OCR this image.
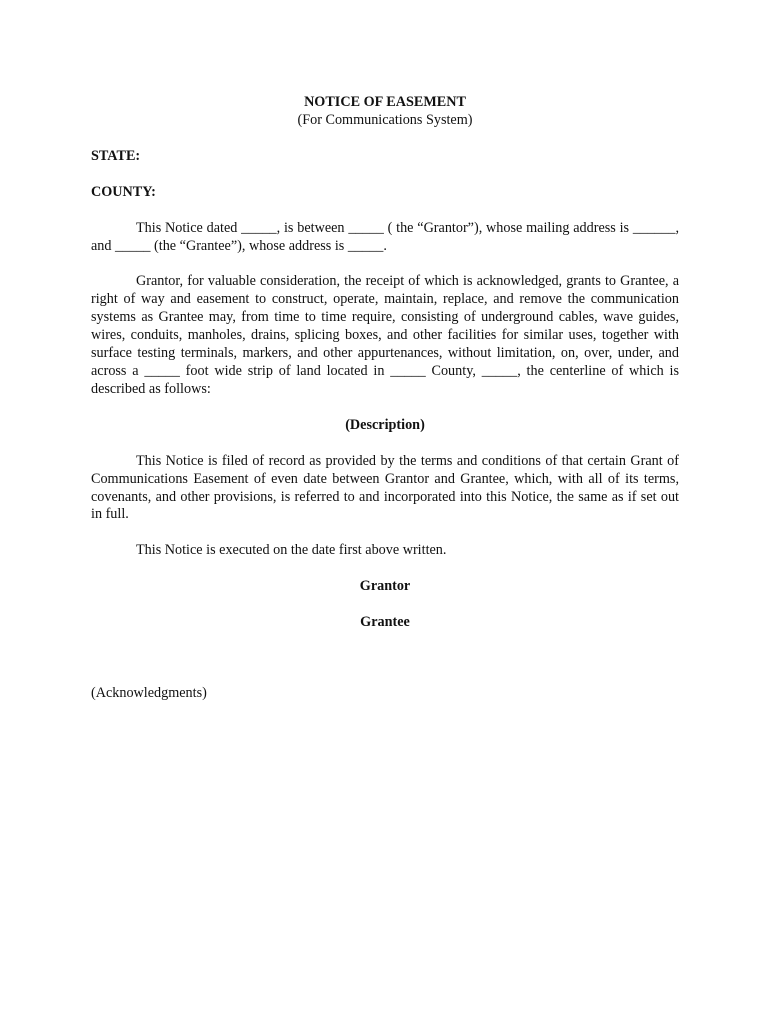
NOTICE OF EASEMENT

(For Communications System)

STATE:

COUNTY:

This Notice dated _____, is between _____ ( the “Grantor”), whose mailing address is ______, and _____ (the “Grantee”), whose address is _____.

Grantor, for valuable consideration, the receipt of which is acknowledged, grants to Grantee, a right of way and easement to construct, operate, maintain, replace, and remove the communication systems as Grantee may, from time to time require, consisting of underground cables, wave guides, wires, conduits, manholes, drains, splicing boxes, and other facilities for similar uses, together with surface testing terminals, markers, and other appurtenances, without limitation, on, over, under, and across a _____ foot wide strip of land located in _____ County, _____, the centerline of which is described as follows:

(Description)

This Notice is filed of record as provided by the terms and conditions of that certain Grant of Communications Easement of even date between Grantor and Grantee, which, with all of its terms, covenants, and other provisions, is referred to and incorporated into this Notice, the same as if set out in full.

This Notice is executed on the date first above written.

Grantor

Grantee

(Acknowledgments)
